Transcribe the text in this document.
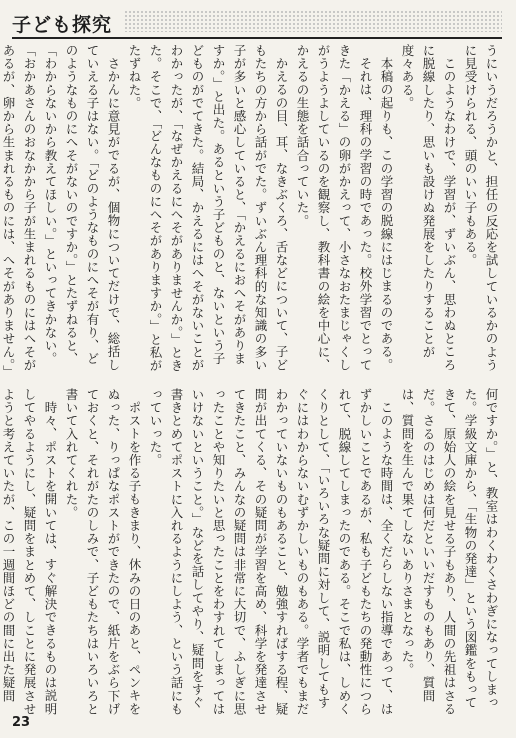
子ども探究

うにいうだろうかと、担任の反応を試しているかのように見受けられる、頭のいい子もある。

このようなわけで、学習が、ずいぶん、思わぬところに脱線したり、思いも設けぬ発展をしたりすることが度々ある。

本稿の起りも、この学習の脱線にはじまるのである。

それは、理科の学習の時であった。校外学習でとってきた「かえる」の卵がかえって、小さなおたまじゃくしがうようよしているのを観察し、教科書の絵を中心に、かえるの生態を話合っていた。

かえるの目、耳、なきぶくろ、舌などについて、子どもたちの方から話がでた。ずいぶん理科的な知識の多い子が多いと感心していると、「かえるにおへそがありますか。」と出た。あるという子どものと、ないという子どものがでてきた。結局、かえるにはへそがないことがわかったが、「なぜかえるにへそがありませんか。」ときた。そこで、「どんなものにへそがありますか。」と私がたずねた。

さかんに意見がでるが、個物についてだけで、総括していえる子はない。「どのようなものにへそが有り、どのようなものにへそがないのですか。」とたずねると、「わからないから教えてほしい。」といってきかない。「おかあさんのおなかから子が生まれるものにはへそがあるが、卵から生まれるものには、へそがありません。」

何ですか。」と、教室はわくわくさわぎになってしまった。学級文庫から、「生物の発達」という図鑑をもってきて、原始人の絵を見せる子もあり、人間の先祖はさるだ。さるのはじめは何だといいだすものもあり、質問は、質問を生んで果てしないありさまとなった。

このような時間は、全くだらしない指導であって、はずかしいことであるが、私も子どもたちの発動性につられて、脱線してしまったのである。そこで私は、しめくくりとして、「いろいろな疑問に対して、説明してもすぐにはわからないむずかしいものもある。学者でもまだわかっていないものもあること、勉強すればする程、疑問が出てくる、その疑問が学習を高め、科学を発達させてきたこと、みんなの疑問は非常に大切で、ふしぎに思ったことや知りたいと思ったことをわすれてしまってはいけないということ。」などを話してやり、疑問をすぐ書きとめてポストに入れるようにしよう、という話にもっていった。

ポストを作る子もきまり、休みの日のあと、ペンキをぬった、りっぱなポストができたので、紙片をぶら下げておくと、それがたのしみで、子どもたちはいろいろと書いて入れてくれた。

時々、ポストを開いては、すぐ解決できるものは説明してやるようにし、疑問をまとめて、しことに発展させようと考えていたが、この一週間ほどの間に出た疑問

23
